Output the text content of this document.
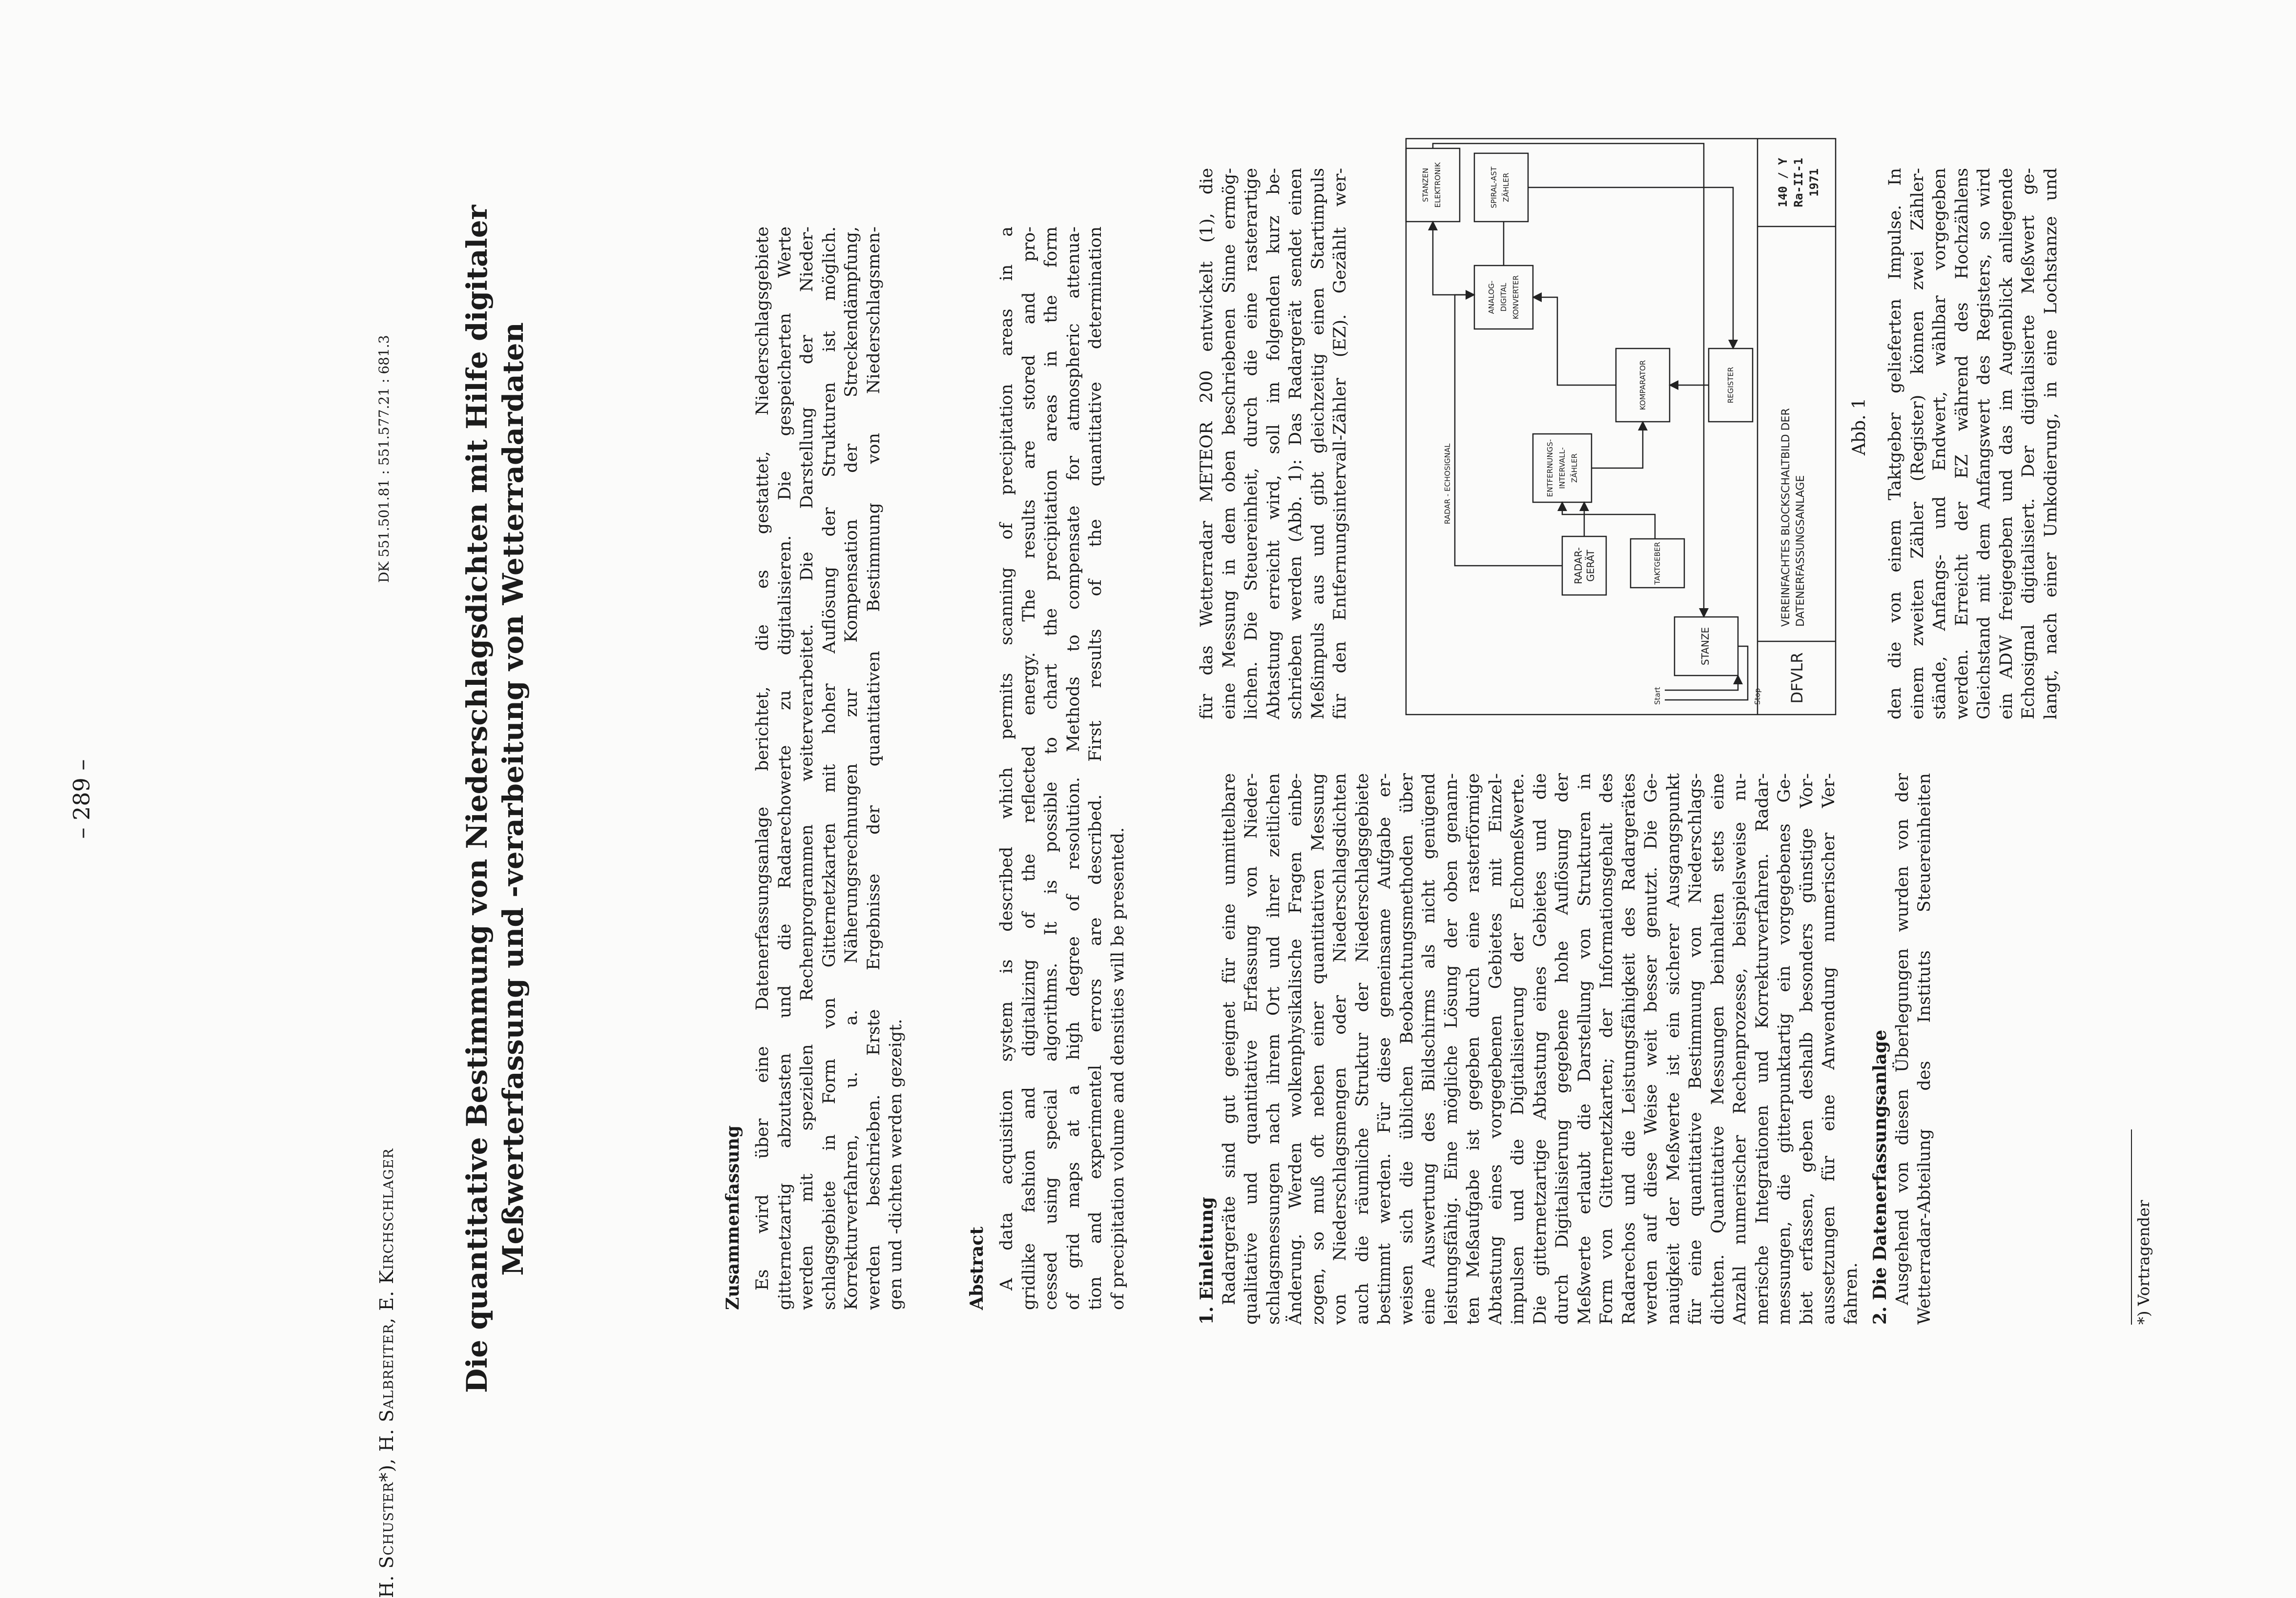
– 289 –
H. Schuster*), H. Salbreiter, E. Kirchschlager
DK 551.501.81 : 551.577.21 : 681.3 Die quantitative Bestimmung von Niederschlagsdichten mit Hilfe digitaler Meßwerterfassung und -verarbeitung von Wetterradardaten	Zusammenfassung Es wird über eine Datenerfassungsanlage berichtet, die es gestattet, Niederschlagsgebiete gitternetzartig abzutasten und die Radarechowerte zu digitalisieren. Die gespeicherten Werte werden mit speziellen Rechenprogrammen weiterverarbeitet. Die Darstellung der Nieder- schlagsgebiete in Form von Gitternetzkarten mit hoher Auflösung der Strukturen ist möglich. Korrekturverfahren, u. a. Näherungsrechnungen zur Kompensation der Streckendämpfung, werden beschrieben. Erste Ergebnisse der quantitativen Bestimmung von Niederschlagsmen- gen und -dichten werden gezeigt.	Abstract A data acquisition system is described which permits scanning of precipitation areas in a gridlike fashion and digitalizing of the reflected energy. The results are stored and pro- cessed using special algorithms. It is possible to chart the precipitation areas in the form of grid maps at a high degree of resolution. Methods to compensate for atmospheric attenua- tion and experimentel errors are described. First results of the quantitative determination of precipitation volume and densities will be presented.	1. Einleitung Radargeräte sind gut geeignet für eine unmittelbare qualitative und quantitative Erfassung von Nieder- schlagsmessungen nach ihrem Ort und ihrer zeitlichen Änderung. Werden wolkenphysikalische Fragen einbe- zogen, so muß oft neben einer quantitativen Messung von Niederschlagsmengen oder Niederschlagsdichten auch die räumliche Struktur der Niederschlagsgebiete bestimmt werden. Für diese gemeinsame Aufgabe er- weisen sich die üblichen Beobachtungsmethoden über eine Auswertung des Bildschirms als nicht genügend leistungsfähig. Eine mögliche Lösung der oben genann- ten Meßaufgabe ist gegeben durch eine rasterförmige Abtastung eines vorgegebenen Gebietes mit Einzel- impulsen und die Digitalisierung der Echomeßwerte. Die gitternetzartige Abtastung eines Gebietes und die durch Digitalisierung gegebene hohe Auflösung der Meßwerte erlaubt die Darstellung von Strukturen in Form von Gitternetzkarten; der Informationsgehalt des Radarechos und die Leistungsfähigkeit des Radargerätes werden auf diese Weise weit besser genutzt. Die Ge- nauigkeit der Meßwerte ist ein sicherer Ausgangspunkt für eine quantitative Bestimmung von Niederschlags- dichten. Quantitative Messungen beinhalten stets eine Anzahl numerischer Rechenprozesse, beispielsweise nu- merische Integrationen und Korrekturverfahren. Radar- messungen, die gitterpunktartig ein vorgegebenes Ge- biet erfassen, geben deshalb besonders günstige Vor- aussetzungen für eine Anwendung numerischer Ver- fahren. 2. Die Datenerfassungsanlage Ausgehend von diesen Überlegungen wurden von der Wetterradar-Abteilung des Instituts Steuereinheiten	*) Vortragender
für das Wetterradar METEOR 200 entwickelt (1), die eine Messung in dem oben beschriebenen Sinne ermög- lichen. Die Steuereinheit, durch die eine rasterartige Abtastung erreicht wird, soll im folgenden kurz be- schrieben werden (Abb. 1): Das Radargerät sendet einen Meßimpuls aus und gibt gleichzeitig einen Startimpuls für den Entfernungsintervall-Zähler (EZ). Gezählt wer-	STANZE
RADAR- GERÄT	TAKTGEBER
ENTFERNUNGS- INTERVALL- ZÄHLER
KOMPARATOR	REGISTER
ANALOG- DIGITAL KONVERTER
SPIRAL-AST ZÄHLER
STANZEN ELEKTRONIK
RADAR - ECHOSIGNAL
Start	Stop DFVLR
VEREINFACHTES BLOCKSCHALTBILD DER DATENERFASSUNGSANLAGE
140 / Y Ra-II-1 1971
Abb. 1 den die von einem Taktgeber gelieferten Impulse. In einem zweiten Zähler (Register) können zwei Zähler- stände, Anfangs- und Endwert, wählbar vorgegeben werden. Erreicht der EZ während des Hochzählens Gleichstand mit dem Anfangswert des Registers, so wird ein ADW freigegeben und das im Augenblick anliegende Echosignal digitalisiert. Der digitalisierte Meßwert ge- langt, nach einer Umkodierung, in eine Lochstanze und
